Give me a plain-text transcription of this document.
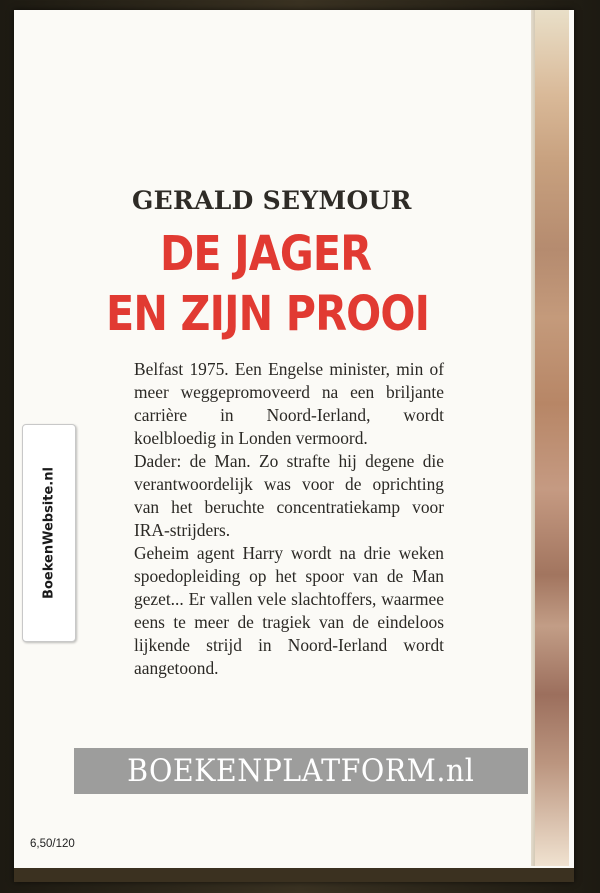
GERALD SEYMOUR
DE JAGER
EN ZIJN PROOI

Belfast 1975. Een Engelse minister, min of meer weggepromoveerd na een briljante carrière in Noord-Ierland, wordt koelbloedig in Londen vermoord.

Dader: de Man. Zo strafte hij degene die verantwoordelijk was voor de oprichting van het beruchte concentratiekamp voor IRA-strijders.

Geheim agent Harry wordt na drie weken spoedopleiding op het spoor van de Man gezet... Er vallen vele slachtoffers, waarmee eens te meer de tragiek van de eindeloos lijkende strijd in Noord-Ierland wordt aangetoond.

BoekenWebsite.nl
BOEKENPLATFORM.nl
6,50/120
